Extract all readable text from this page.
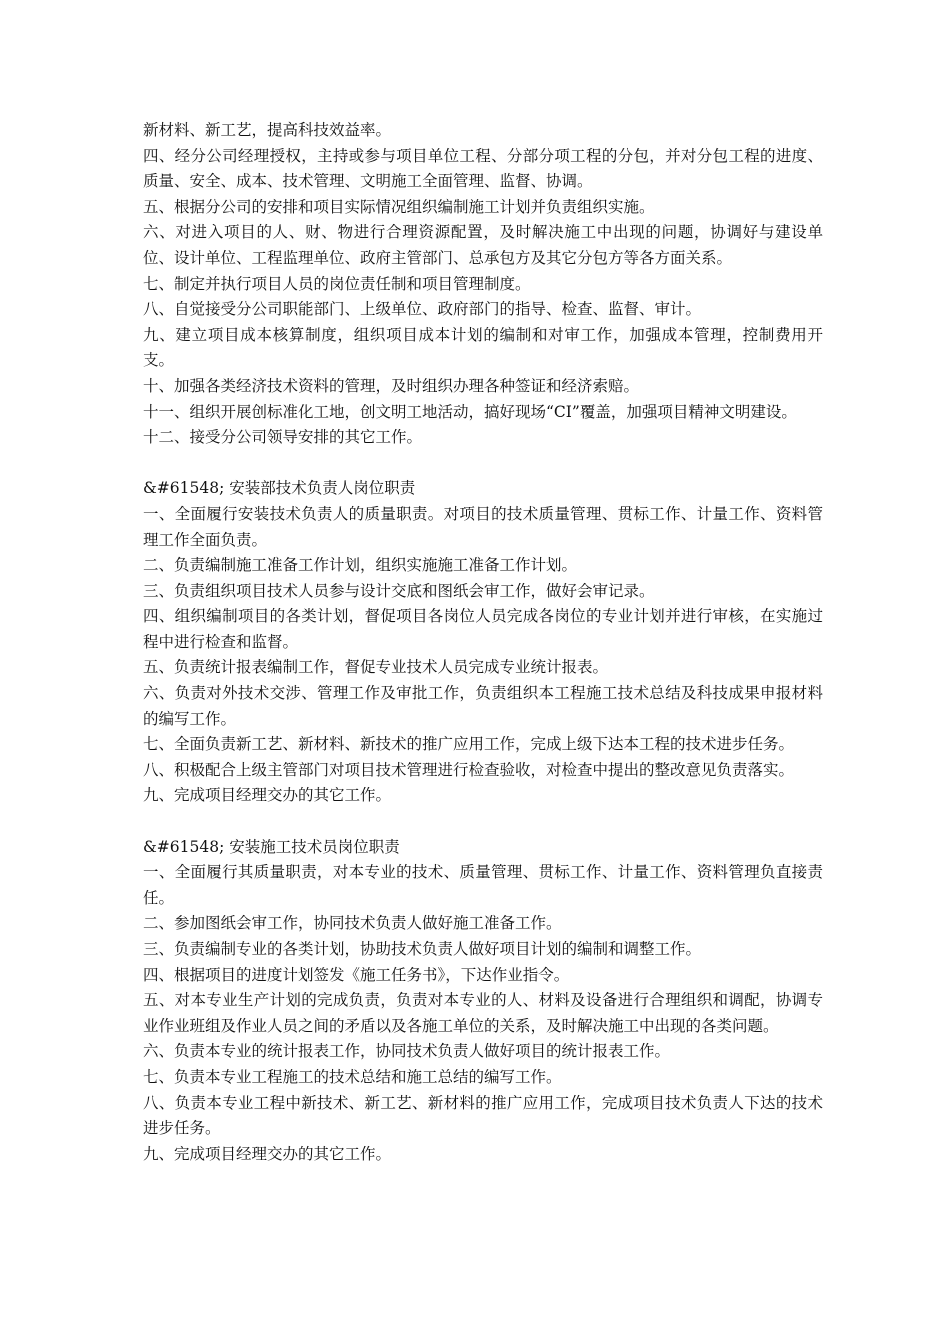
新材料、新工艺，提高科技效益率。

四、经分公司经理授权，主持或参与项目单位工程、分部分项工程的分包，并对分包工程的进度、质量、安全、成本、技术管理、文明施工全面管理、监督、协调。

五、根据分公司的安排和项目实际情况组织编制施工计划并负责组织实施。

六、对进入项目的人、财、物进行合理资源配置，及时解决施工中出现的问题，协调好与建设单位、设计单位、工程监理单位、政府主管部门、总承包方及其它分包方等各方面关系。

七、制定并执行项目人员的岗位责任制和项目管理制度。

八、自觉接受分公司职能部门、上级单位、政府部门的指导、检查、监督、审计。

九、建立项目成本核算制度，组织项目成本计划的编制和对审工作，加强成本管理，控制费用开支。

十、加强各类经济技术资料的管理，及时组织办理各种签证和经济索赔。

十一、组织开展创标准化工地，创文明工地活动，搞好现场“CI”覆盖，加强项目精神文明建设。

十二、接受分公司领导安排的其它工作。

&#61548; 安装部技术负责人岗位职责

一、全面履行安装技术负责人的质量职责。对项目的技术质量管理、贯标工作、计量工作、资料管理工作全面负责。

二、负责编制施工准备工作计划，组织实施施工准备工作计划。

三、负责组织项目技术人员参与设计交底和图纸会审工作，做好会审记录。

四、组织编制项目的各类计划，督促项目各岗位人员完成各岗位的专业计划并进行审核，在实施过程中进行检查和监督。

五、负责统计报表编制工作，督促专业技术人员完成专业统计报表。

六、负责对外技术交涉、管理工作及审批工作，负责组织本工程施工技术总结及科技成果申报材料的编写工作。

七、全面负责新工艺、新材料、新技术的推广应用工作，完成上级下达本工程的技术进步任务。

八、积极配合上级主管部门对项目技术管理进行检查验收，对检查中提出的整改意见负责落实。

九、完成项目经理交办的其它工作。

&#61548; 安装施工技术员岗位职责

一、全面履行其质量职责，对本专业的技术、质量管理、贯标工作、计量工作、资料管理负直接责任。

二、参加图纸会审工作，协同技术负责人做好施工准备工作。

三、负责编制专业的各类计划，协助技术负责人做好项目计划的编制和调整工作。

四、根据项目的进度计划签发《施工任务书》，下达作业指令。

五、对本专业生产计划的完成负责，负责对本专业的人、材料及设备进行合理组织和调配，协调专业作业班组及作业人员之间的矛盾以及各施工单位的关系，及时解决施工中出现的各类问题。

六、负责本专业的统计报表工作，协同技术负责人做好项目的统计报表工作。

七、负责本专业工程施工的技术总结和施工总结的编写工作。

八、负责本专业工程中新技术、新工艺、新材料的推广应用工作，完成项目技术负责人下达的技术进步任务。

九、完成项目经理交办的其它工作。
